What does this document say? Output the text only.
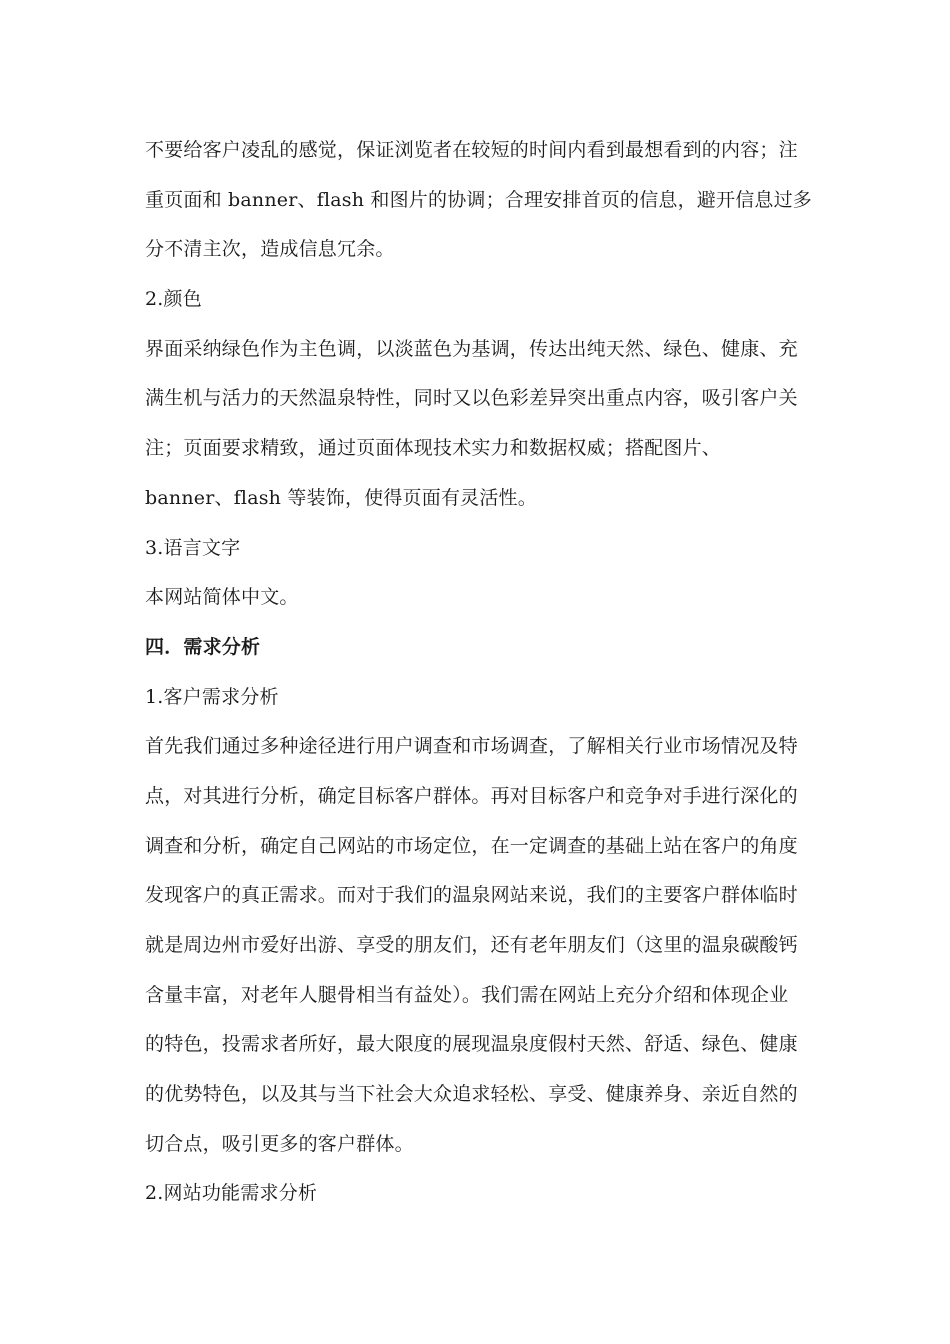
不要给客户凌乱的感觉，保证浏览者在较短的时间内看到最想看到的内容；注
重页面和 banner、flash 和图片的协调；合理安排首页的信息，避开信息过多
分不清主次，造成信息冗余。
2.颜色
界面采纳绿色作为主色调，以淡蓝色为基调，传达出纯天然、绿色、健康、充
满生机与活力的天然温泉特性，同时又以色彩差异突出重点内容，吸引客户关
注；页面要求精致，通过页面体现技术实力和数据权威；搭配图片、
banner、flash 等装饰，使得页面有灵活性。
3.语言文字
本网站简体中文。
四．需求分析
1.客户需求分析
首先我们通过多种途径进行用户调查和市场调查，了解相关行业市场情况及特
点，对其进行分析，确定目标客户群体。再对目标客户和竞争对手进行深化的
调查和分析，确定自己网站的市场定位，在一定调查的基础上站在客户的角度
发现客户的真正需求。而对于我们的温泉网站来说，我们的主要客户群体临时
就是周边州市爱好出游、享受的朋友们，还有老年朋友们（这里的温泉碳酸钙
含量丰富，对老年人腿骨相当有益处）。我们需在网站上充分介绍和体现企业
的特色，投需求者所好，最大限度的展现温泉度假村天然、舒适、绿色、健康
的优势特色，以及其与当下社会大众追求轻松、享受、健康养身、亲近自然的
切合点，吸引更多的客户群体。
2.网站功能需求分析
